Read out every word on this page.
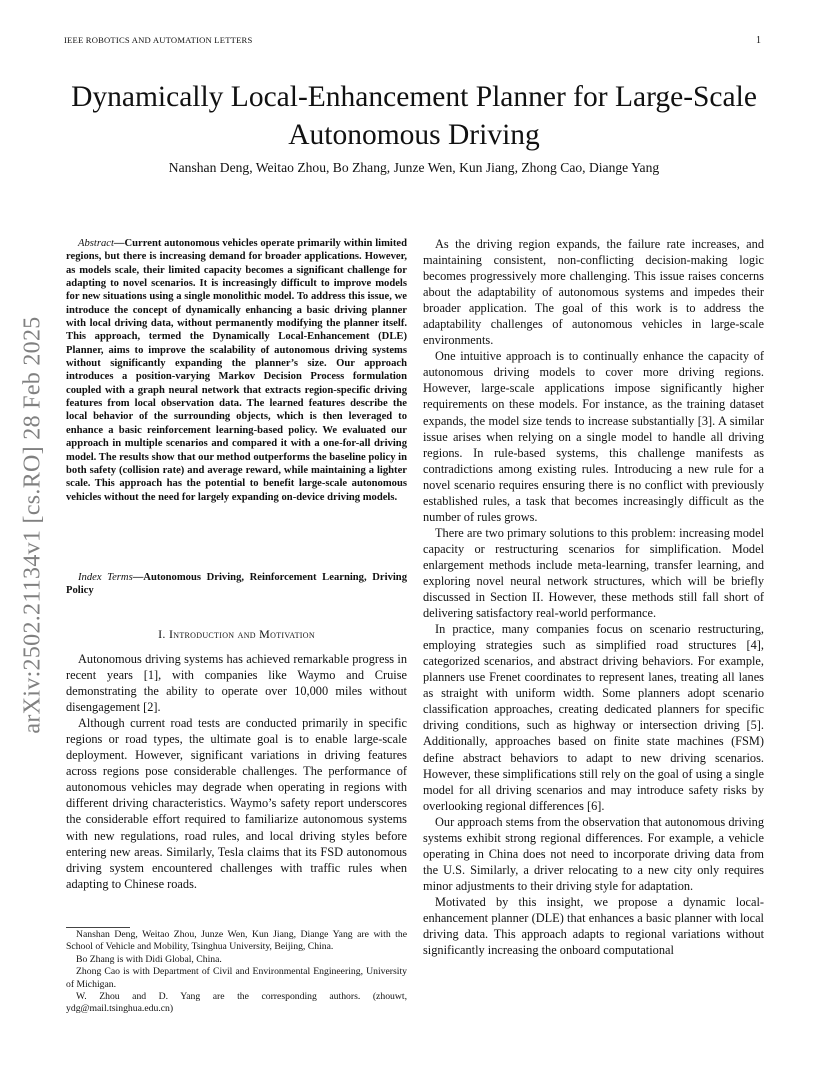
IEEE ROBOTICS AND AUTOMATION LETTERS	1
arXiv:2502.21134v1 [cs.RO] 28 Feb 2025
Dynamically Local-Enhancement Planner for Large-Scale Autonomous Driving
Nanshan Deng, Weitao Zhou, Bo Zhang, Junze Wen, Kun Jiang, Zhong Cao, Diange Yang

Abstract—Current autonomous vehicles operate primarily within limited regions, but there is increasing demand for broader applications. However, as models scale, their limited capacity becomes a significant challenge for adapting to novel scenarios. It is increasingly difficult to improve models for new situations using a single monolithic model. To address this issue, we introduce the concept of dynamically enhancing a basic driving planner with local driving data, without permanently modifying the planner itself. This approach, termed the Dynamically Local-Enhancement (DLE) Planner, aims to improve the scalability of autonomous driving systems without significantly expanding the planner’s size. Our approach introduces a position-varying Markov Decision Process formulation coupled with a graph neural network that extracts region-specific driving features from local observation data. The learned features describe the local behavior of the surrounding objects, which is then leveraged to enhance a basic reinforcement learning-based policy. We evaluated our approach in multiple scenarios and compared it with a one-for-all driving model. The results show that our method outperforms the baseline policy in both safety (collision rate) and average reward, while maintaining a lighter scale. This approach has the potential to benefit large-scale autonomous vehicles without the need for largely expanding on-device driving models.

Index Terms—Autonomous Driving, Reinforcement Learning, Driving Policy

I. Introduction and Motivation

Autonomous driving systems has achieved remarkable progress in recent years [1], with companies like Waymo and Cruise demonstrating the ability to operate over 10,000 miles without disengagement [2].

Although current road tests are conducted primarily in specific regions or road types, the ultimate goal is to enable large-scale deployment. However, significant variations in driving features across regions pose considerable challenges. The performance of autonomous vehicles may degrade when operating in regions with different driving characteristics. Waymo’s safety report underscores the considerable effort required to familiarize autonomous systems with new regulations, road rules, and local driving styles before entering new areas. Similarly, Tesla claims that its FSD autonomous driving system encountered challenges with traffic rules when adapting to Chinese roads.

Nanshan Deng, Weitao Zhou, Junze Wen, Kun Jiang, Diange Yang are with the School of Vehicle and Mobility, Tsinghua University, Beijing, China.

Bo Zhang is with Didi Global, China.

Zhong Cao is with Department of Civil and Environmental Engineering, University of Michigan.

W. Zhou and D. Yang are the corresponding authors. (zhouwt, ydg@mail.tsinghua.edu.cn)

As the driving region expands, the failure rate increases, and maintaining consistent, non-conflicting decision-making logic becomes progressively more challenging. This issue raises concerns about the adaptability of autonomous systems and impedes their broader application. The goal of this work is to address the adaptability challenges of autonomous vehicles in large-scale environments.

One intuitive approach is to continually enhance the capacity of autonomous driving models to cover more driving regions. However, large-scale applications impose significantly higher requirements on these models. For instance, as the training dataset expands, the model size tends to increase substantially [3]. A similar issue arises when relying on a single model to handle all driving regions. In rule-based systems, this challenge manifests as contradictions among existing rules. Introducing a new rule for a novel scenario requires ensuring there is no conflict with previously established rules, a task that becomes increasingly difficult as the number of rules grows.

There are two primary solutions to this problem: increasing model capacity or restructuring scenarios for simplification. Model enlargement methods include meta-learning, transfer learning, and exploring novel neural network structures, which will be briefly discussed in Section II. However, these methods still fall short of delivering satisfactory real-world performance.

In practice, many companies focus on scenario restructuring, employing strategies such as simplified road structures [4], categorized scenarios, and abstract driving behaviors. For example, planners use Frenet coordinates to represent lanes, treating all lanes as straight with uniform width. Some planners adopt scenario classification approaches, creating dedicated planners for specific driving conditions, such as highway or intersection driving [5]. Additionally, approaches based on finite state machines (FSM) define abstract behaviors to adapt to new driving scenarios. However, these simplifications still rely on the goal of using a single model for all driving scenarios and may introduce safety risks by overlooking regional differences [6].

Our approach stems from the observation that autonomous driving systems exhibit strong regional differences. For example, a vehicle operating in China does not need to incorporate driving data from the U.S. Similarly, a driver relocating to a new city only requires minor adjustments to their driving style for adaptation.

Motivated by this insight, we propose a dynamic local-enhancement planner (DLE) that enhances a basic planner with local driving data. This approach adapts to regional variations without significantly increasing the onboard computational
